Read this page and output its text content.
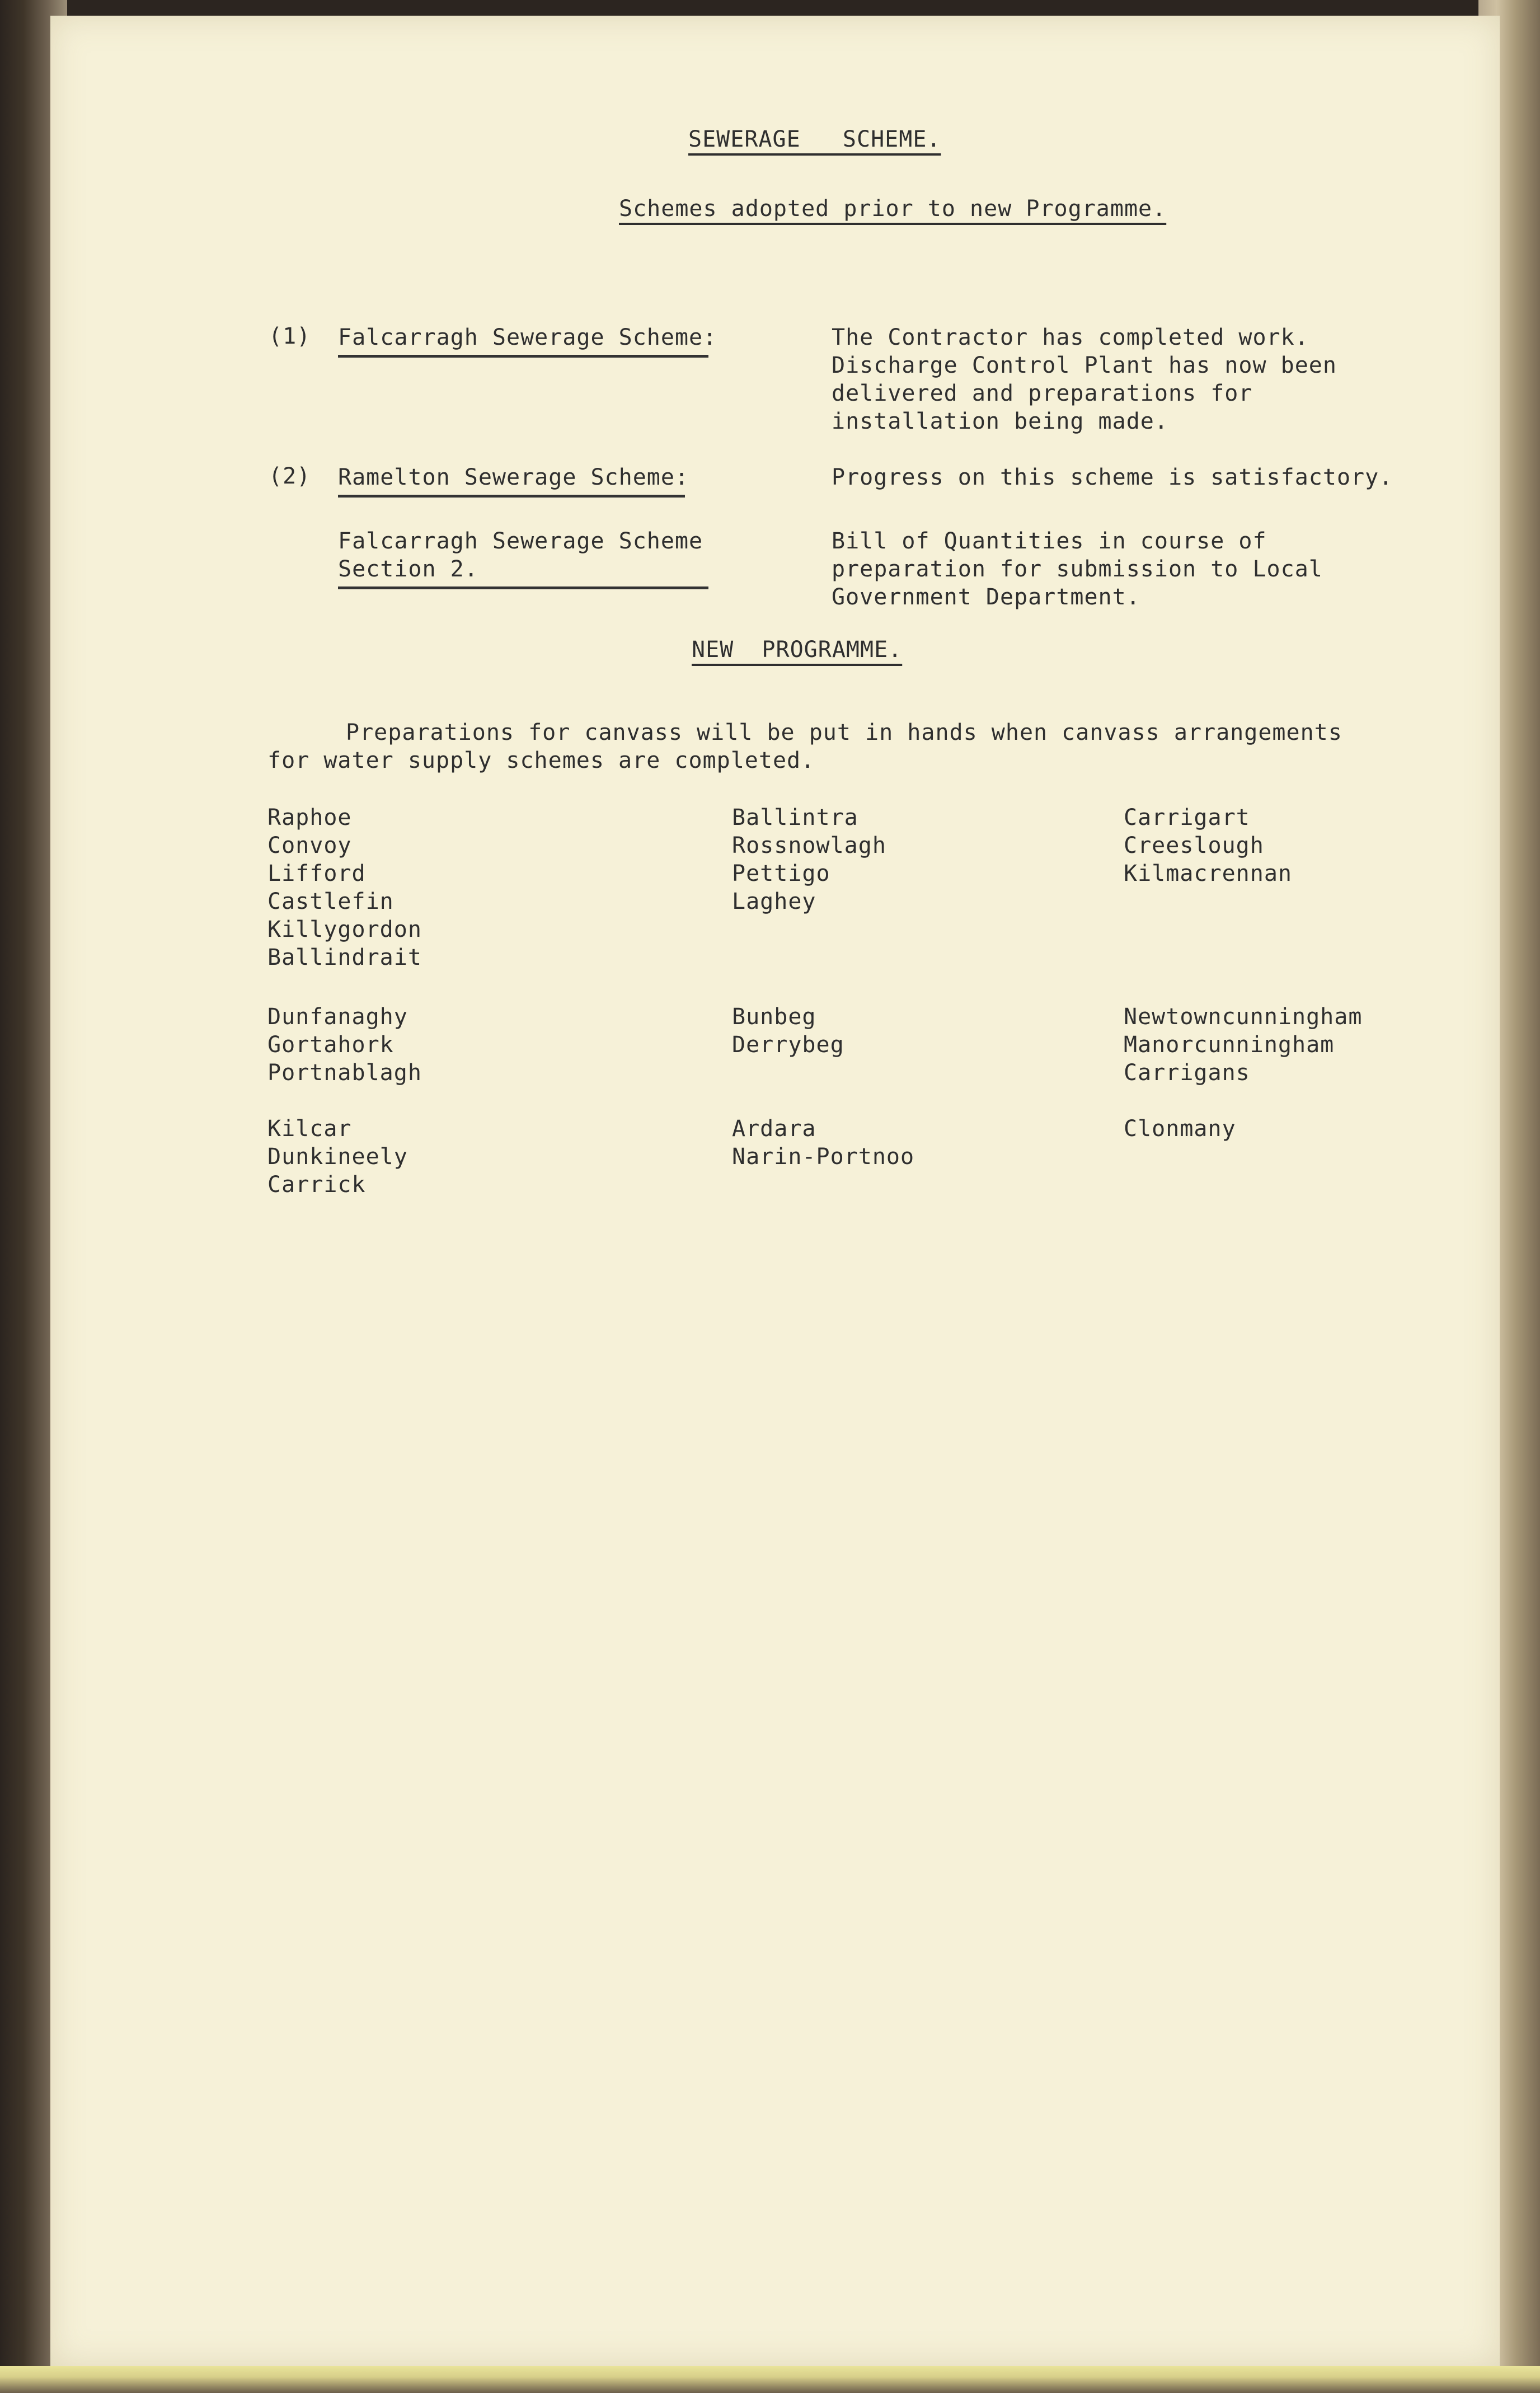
SEWERAGE   SCHEME.
Schemes adopted prior to new Programme.
(1) Falcarragh Sewerage Scheme:	The Contractor has completed work.
Discharge Control Plant has now been
delivered and preparations for
installation being made.
(2) Ramelton Sewerage Scheme:	Progress on this scheme is satisfactory.
Falcarragh Sewerage Scheme
Section 2.
Bill of Quantities in course of
preparation for submission to Local
Government Department.
NEW  PROGRAMME.
Preparations for canvass will be put in hands when canvass arrangements
for water supply schemes are completed.
Raphoe
Convoy
Lifford
Castlefin
Killygordon
Ballindrait
Ballintra
Rossnowlagh
Pettigo
Laghey
Carrigart
Creeslough
Kilmacrennan
Dunfanaghy
Gortahork
Portnablagh
Bunbeg
Derrybeg
Newtowncunningham
Manorcunningham
Carrigans
Kilcar
Dunkineely
Carrick
Ardara
Narin-Portnoo
Clonmany
